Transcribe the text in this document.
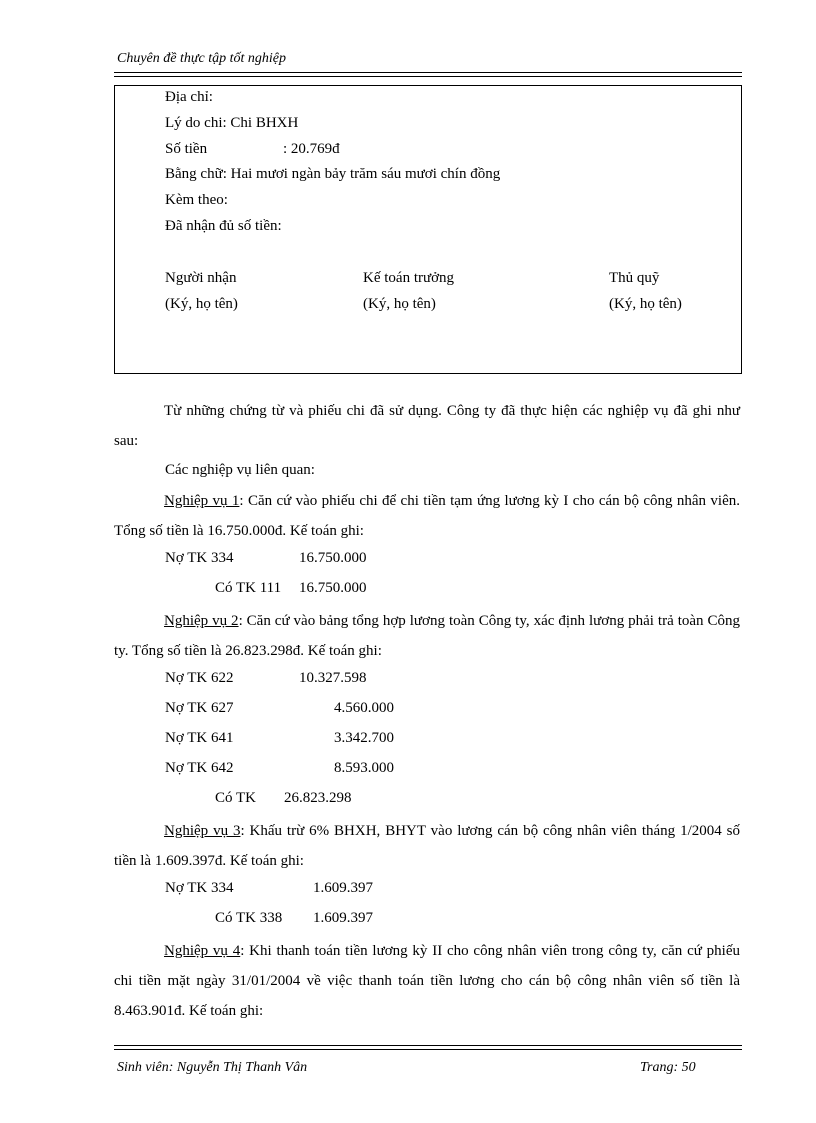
Chuyên đề thực tập tốt nghiệp
Địa chỉ:
Lý do chi: Chi BHXH
Số tiền	: 20.769đ
Bằng chữ: Hai mươi ngàn bảy trăm sáu mươi chín đồng
Kèm theo:
Đã nhận đủ số tiền:
Người nhận	Kế toán trưởng	Thủ quỹ
(Ký, họ tên)	(Ký, họ tên)	(Ký, họ tên)
Từ những chứng từ và phiếu chi đã sử dụng. Công ty đã thực hiện các nghiệp vụ đã ghi như sau:
Các nghiệp vụ liên quan:
Nghiệp vụ 1: Căn cứ vào phiếu chi để chi tiền tạm ứng lương kỳ I cho cán bộ công nhân viên. Tổng số tiền là 16.750.000đ. Kế toán ghi:
Nợ TK 334	16.750.000
Có TK 111 16.750.000
Nghiệp vụ 2: Căn cứ vào bảng tổng hợp lương toàn Công ty, xác định lương phải trả toàn Công ty. Tổng số tiền là 26.823.298đ. Kế toán ghi:
Nợ TK 622	10.327.598
Nợ TK 627	4.560.000
Nợ TK 641	3.342.700
Nợ TK 642	8.593.000
Có TK 26.823.298
Nghiệp vụ 3: Khấu trừ 6% BHXH, BHYT vào lương cán bộ công nhân viên tháng 1/2004 số tiền là 1.609.397đ. Kế toán ghi:
Nợ TK 334	1.609.397
Có TK 338 1.609.397
Nghiệp vụ 4: Khi thanh toán tiền lương kỳ II cho công nhân viên trong công ty, căn cứ phiếu chi tiền mặt ngày 31/01/2004 về việc thanh toán tiền lương cho cán bộ công nhân viên số tiền là 8.463.901đ. Kế toán ghi:
Sinh viên: Nguyễn Thị Thanh Vân	Trang: 50
